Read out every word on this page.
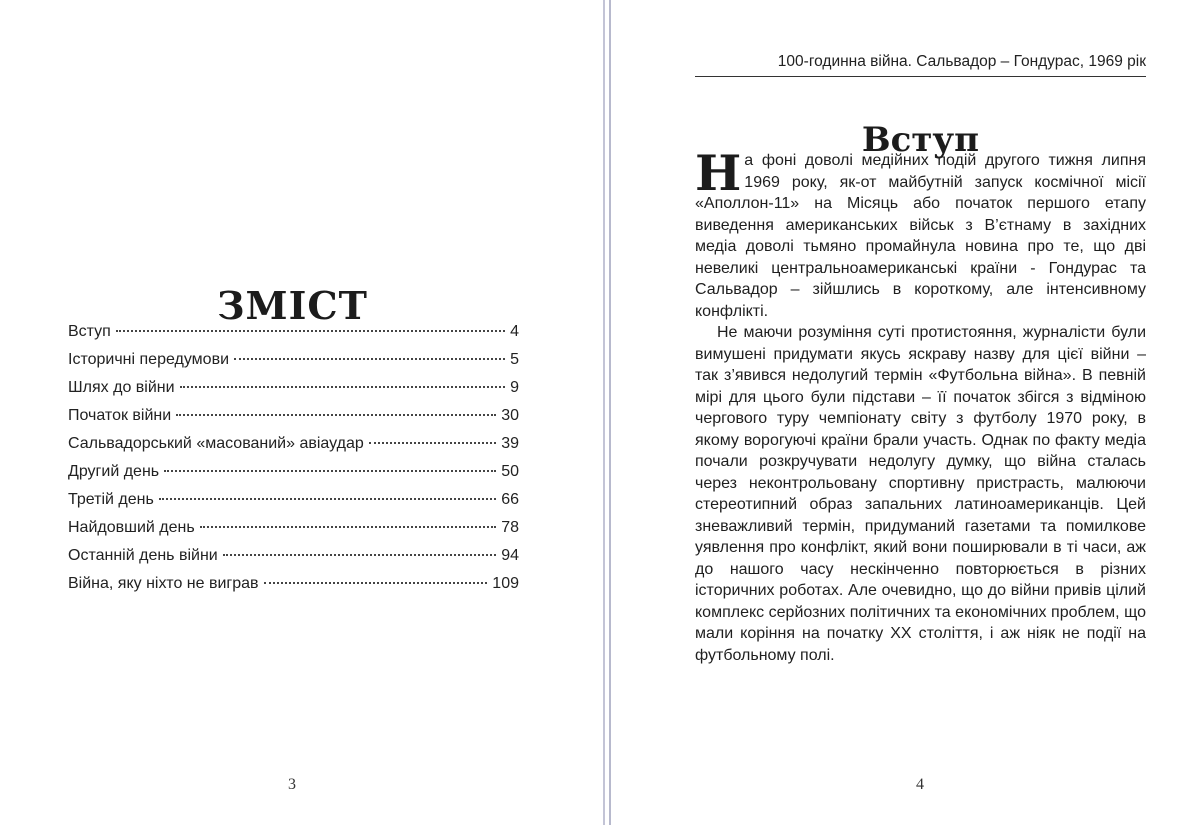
ЗМІСТ
Вступ	4
Історичні передумови	5
Шлях до війни	9
Початок війни	30
Сальвадорський «масований» авіаудар	39
Другий день	50
Третій день	66
Найдовший день	78
Останній день війни	94
Війна, яку ніхто не виграв	109
3
100-годинна війна. Сальвадор – Гондурас, 1969 рік
Вступ

На фоні доволі медійних подій другого тижня липня 1969 року, як-от майбутній запуск космічної місії «Аполлон-11» на Місяць або початок першого етапу виведення американських військ з В’єтнаму в західних медіа доволі тьмяно промайнула новина про те, що дві невеликі центральноамериканські країни - Гондурас та Сальвадор – зійшлись в короткому, але інтенсивному конфлікті.

Не маючи розуміння суті протистояння, журналісти були вимушені придумати якусь яскраву назву для цієї війни – так з’явився недолугий термін «Футбольна війна». В певній мірі для цього були підстави – її початок збігся з відміною чергового туру чемпіонату світу з футболу 1970 року, в якому ворогуючі країни брали участь. Однак по факту медіа почали розкручувати недолугу думку, що війна сталась через неконтрольовану спортивну пристрасть, малюючи стереотипний образ запальних латиноамериканців. Цей зневажливий термін, придуманий газетами та помилкове уявлення про конфлікт, який вони поширювали в ті часи, аж до нашого часу нескінченно повторюється в різних історичних роботах. Але очевидно, що до війни привів цілий комплекс серйозних політичних та економічних проблем, що мали коріння на початку XX століття, і аж ніяк не події на футбольному полі.

4
